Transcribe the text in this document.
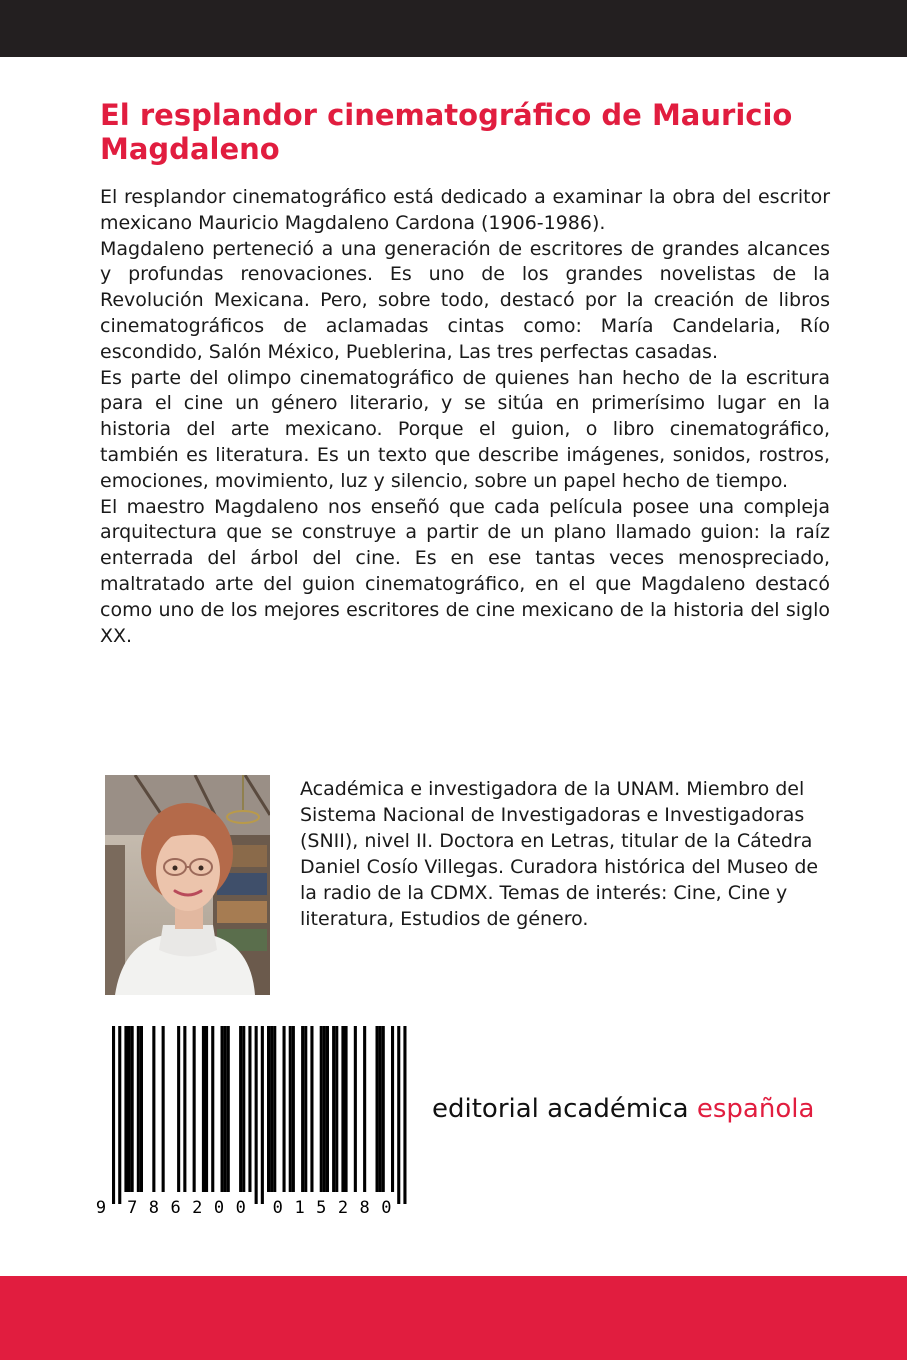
El resplandor cinematográfico de Mauricio Magdaleno

El resplandor cinematográfico está dedicado a examinar la obra del escritor mexicano Mauricio Magdaleno Cardona (1906-1986).

Magdaleno perteneció a una generación de escritores de grandes alcances y profundas renovaciones. Es uno de los grandes novelistas de la Revolución Mexicana. Pero, sobre todo, destacó por la creación de libros cinematográficos de aclamadas cintas como: María Candelaria, Río escondido, Salón México, Pueblerina, Las tres perfectas casadas.

Es parte del olimpo cinematográfico de quienes han hecho de la escritura para el cine un género literario, y se sitúa en primerísimo lugar en la historia del arte mexicano. Porque el guion, o libro cinematográfico, también es literatura. Es un texto que describe imágenes, sonidos, rostros, emociones, movimiento, luz y silencio, sobre un papel hecho de tiempo.

El maestro Magdaleno nos enseñó que cada película posee una compleja arquitectura que se construye a partir de un plano llamado guion: la raíz enterrada del árbol del cine. Es en ese tantas veces menospreciado, maltratado arte del guion cinematográfico, en el que Magdaleno destacó como uno de los mejores escritores de cine mexicano de la historia del siglo XX.

Académica e investigadora de la UNAM. Miembro del Sistema Nacional de Investigadoras e Investigadoras (SNII), nivel II. Doctora en Letras, titular de la Cátedra Daniel Cosío Villegas. Curadora histórica del Museo de la radio de la CDMX. Temas de interés: Cine, Cine y literatura, Estudios de género.
9 7 8 6 2 0 0 0 1 5 2 8 0
editorial académica española
